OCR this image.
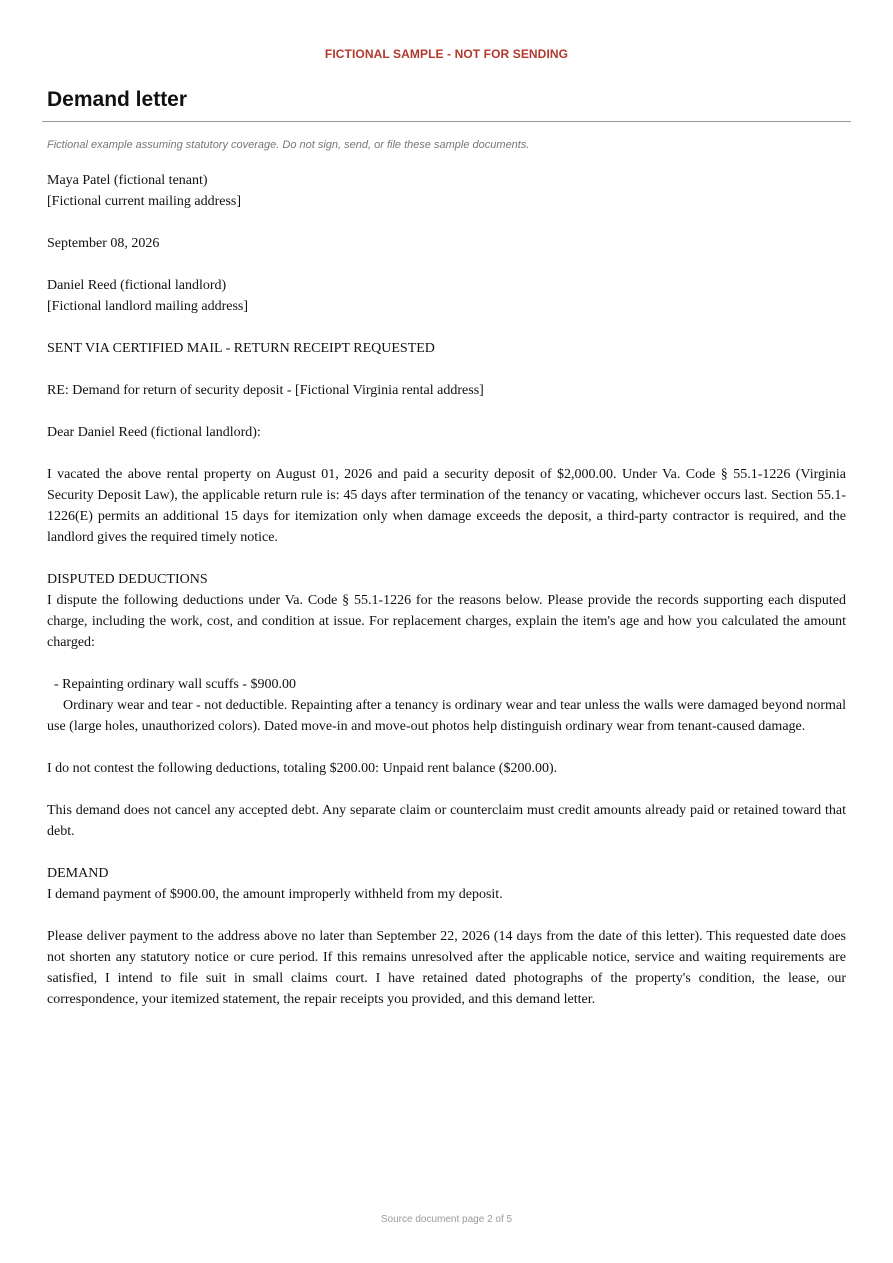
FICTIONAL SAMPLE - NOT FOR SENDING
Demand letter
Fictional example assuming statutory coverage. Do not sign, send, or file these sample documents.

Maya Patel (fictional tenant)
[Fictional current mailing address]

September 08, 2026

Daniel Reed (fictional landlord)
[Fictional landlord mailing address]

SENT VIA CERTIFIED MAIL - RETURN RECEIPT REQUESTED

RE: Demand for return of security deposit - [Fictional Virginia rental address]

Dear Daniel Reed (fictional landlord):

I vacated the above rental property on August 01, 2026 and paid a security deposit of $2,000.00. Under Va. Code § 55.1-1226 (Virginia Security Deposit Law), the applicable return rule is: 45 days after termination of the tenancy or vacating, whichever occurs last. Section 55.1-1226(E) permits an additional 15 days for itemization only when damage exceeds the deposit, a third-party contractor is required, and the landlord gives the required timely notice.

DISPUTED DEDUCTIONS
I dispute the following deductions under Va. Code § 55.1-1226 for the reasons below. Please provide the records supporting each disputed charge, including the work, cost, and condition at issue. For replacement charges, explain the item's age and how you calculated the amount charged:

- Repainting ordinary wall scuffs - $900.00
Ordinary wear and tear - not deductible. Repainting after a tenancy is ordinary wear and tear unless the walls were damaged beyond normal use (large holes, unauthorized colors). Dated move-in and move-out photos help distinguish ordinary wear from tenant-caused damage.

I do not contest the following deductions, totaling $200.00: Unpaid rent balance ($200.00).

This demand does not cancel any accepted debt. Any separate claim or counterclaim must credit amounts already paid or retained toward that debt.

DEMAND
I demand payment of $900.00, the amount improperly withheld from my deposit.

Please deliver payment to the address above no later than September 22, 2026 (14 days from the date of this letter). This requested date does not shorten any statutory notice or cure period. If this remains unresolved after the applicable notice, service and waiting requirements are satisfied, I intend to file suit in small claims court. I have retained dated photographs of the property's condition, the lease, our correspondence, your itemized statement, the repair receipts you provided, and this demand letter.

Source document page 2 of 5
